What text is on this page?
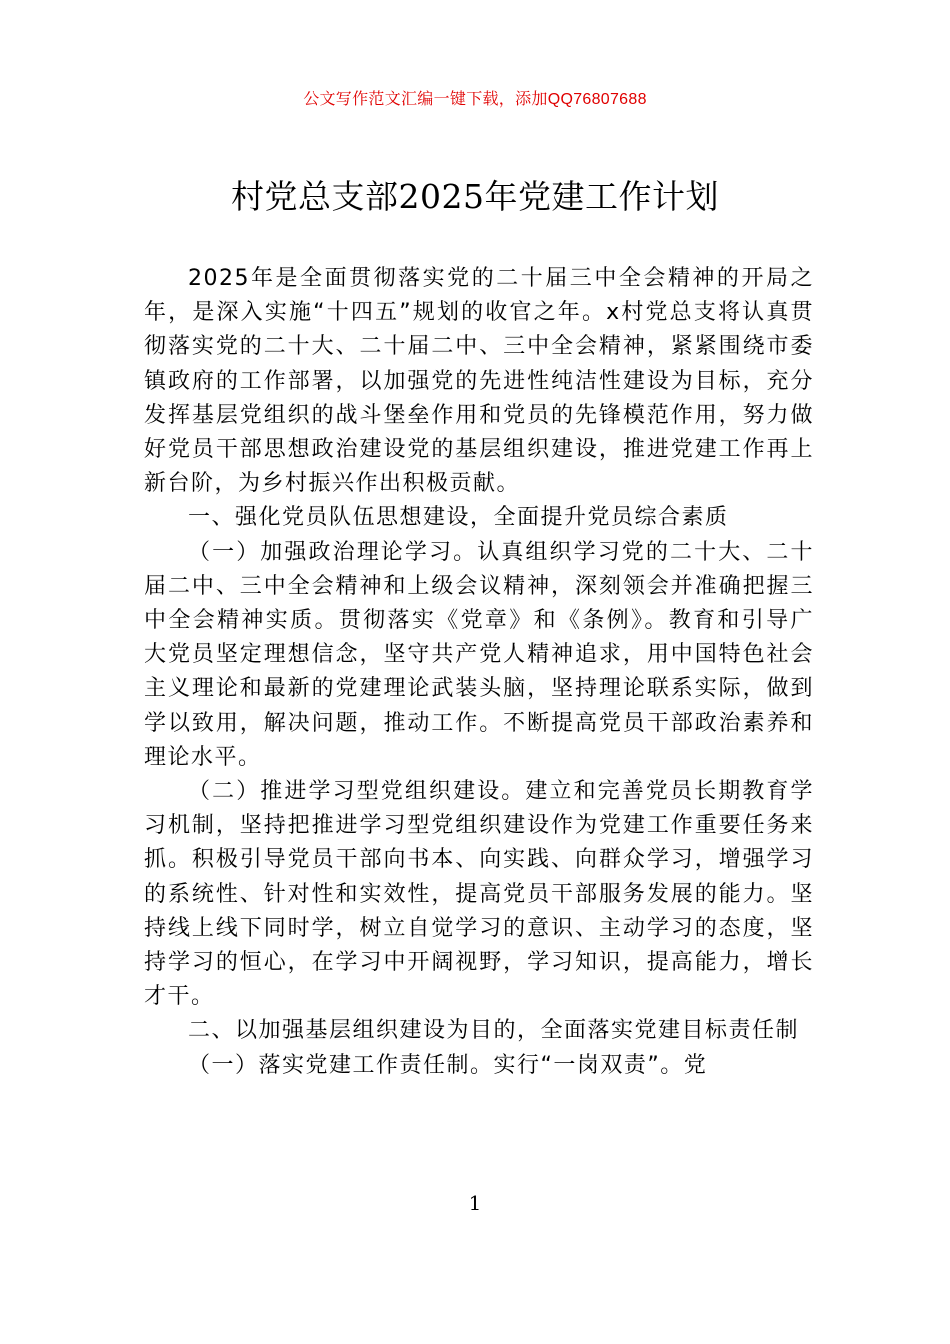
公文写作范文汇编一键下载，添加QQ76807688
村党总支部2025年党建工作计划

2025年是全面贯彻落实党的二十届三中全会精神的开局之年，是深入实施“十四五”规划的收官之年。x村党总支将认真贯彻落实党的二十大、二十届二中、三中全会精神，紧紧围绕市委镇政府的工作部署，以加强党的先进性纯洁性建设为目标，充分发挥基层党组织的战斗堡垒作用和党员的先锋模范作用，努力做好党员干部思想政治建设党的基层组织建设，推进党建工作再上新台阶，为乡村振兴作出积极贡献。

一、强化党员队伍思想建设，全面提升党员综合素质

（一）加强政治理论学习。认真组织学习党的二十大、二十届二中、三中全会精神和上级会议精神，深刻领会并准确把握三中全会精神实质。贯彻落实《党章》和《条例》。教育和引导广大党员坚定理想信念，坚守共产党人精神追求，用中国特色社会主义理论和最新的党建理论武装头脑，坚持理论联系实际，做到学以致用，解决问题，推动工作。不断提高党员干部政治素养和理论水平。

（二）推进学习型党组织建设。建立和完善党员长期教育学习机制，坚持把推进学习型党组织建设作为党建工作重要任务来抓。积极引导党员干部向书本、向实践、向群众学习，增强学习的系统性、针对性和实效性，提高党员干部服务发展的能力。坚持线上线下同时学，树立自觉学习的意识、主动学习的态度，坚持学习的恒心，在学习中开阔视野，学习知识，提高能力，增长才干。

二、以加强基层组织建设为目的，全面落实党建目标责任制

（一）落实党建工作责任制。实行“一岗双责”。党

1
